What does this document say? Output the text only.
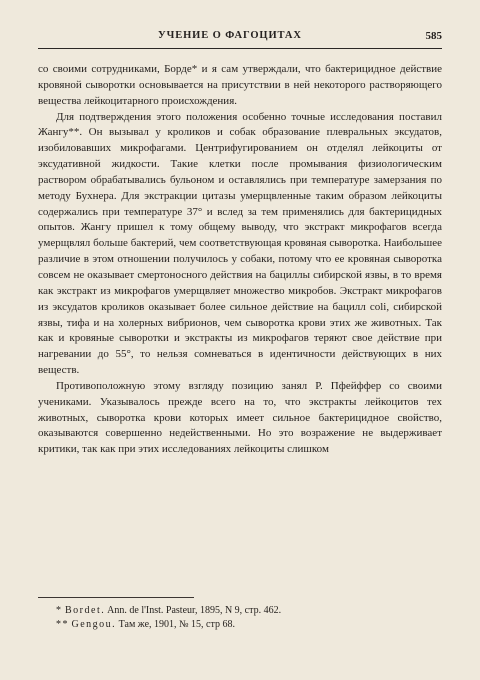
УЧЕНИЕ О ФАГОЦИТАХ	585

со своими сотрудниками, Борде* и я сам утверждали, что бактерицидное действие кровяной сыворотки основывается на присутствии в ней некоторого растворяющего вещества лейкоцитарного происхождения.

Для подтверждения этого положения особенно точные исследования поставил Жангу**. Он вызывал у кроликов и собак образование плевральных эксудатов, изобиловавших микрофагами. Центрифугированием он отделял лейкоциты от эксудативной жидкости. Такие клетки после промывания физиологическим раствором обрабатывались бульоном и оставлялись при температуре замерзания по методу Бухнера. Для экстракции цитазы умерщвленные таким образом лейкоциты содержались при температуре 37° и вслед за тем применялись для бактерицидных опытов. Жангу пришел к тому общему выводу, что экстракт микрофагов всегда умерщвлял больше бактерий, чем соответствующая кровяная сыворотка. Наибольшее различие в этом отношении получилось у собаки, потому что ее кровяная сыворотка совсем не оказывает смертоносного действия на бациллы сибирской язвы, в то время как экстракт из микрофагов умерщвляет множество микробов. Экстракт микрофагов из эксудатов кроликов оказывает более сильное действие на бацилл coli, сибирской язвы, тифа и на холерных вибрионов, чем сыворотка крови этих же животных. Так как и кровяные сыворотки и экстракты из микрофагов теряют свое действие при нагревании до 55°, то нельзя сомневаться в идентичности действующих в них веществ.

Противоположную этому взгляду позицию занял Р. Пфейффер со своими учениками. Указывалось прежде всего на то, что экстракты лейкоцитов тех животных, сыворотка крови которых имеет сильное бактерицидное свойство, оказываются совершенно недейственными. Но это возражение не выдерживает критики, так как при этих исследованиях лейкоциты слишком

* Bordet. Ann. de l'Inst. Pasteur, 1895, N 9, стр. 462.

** Gengou. Там же, 1901, № 15, стр 68.
